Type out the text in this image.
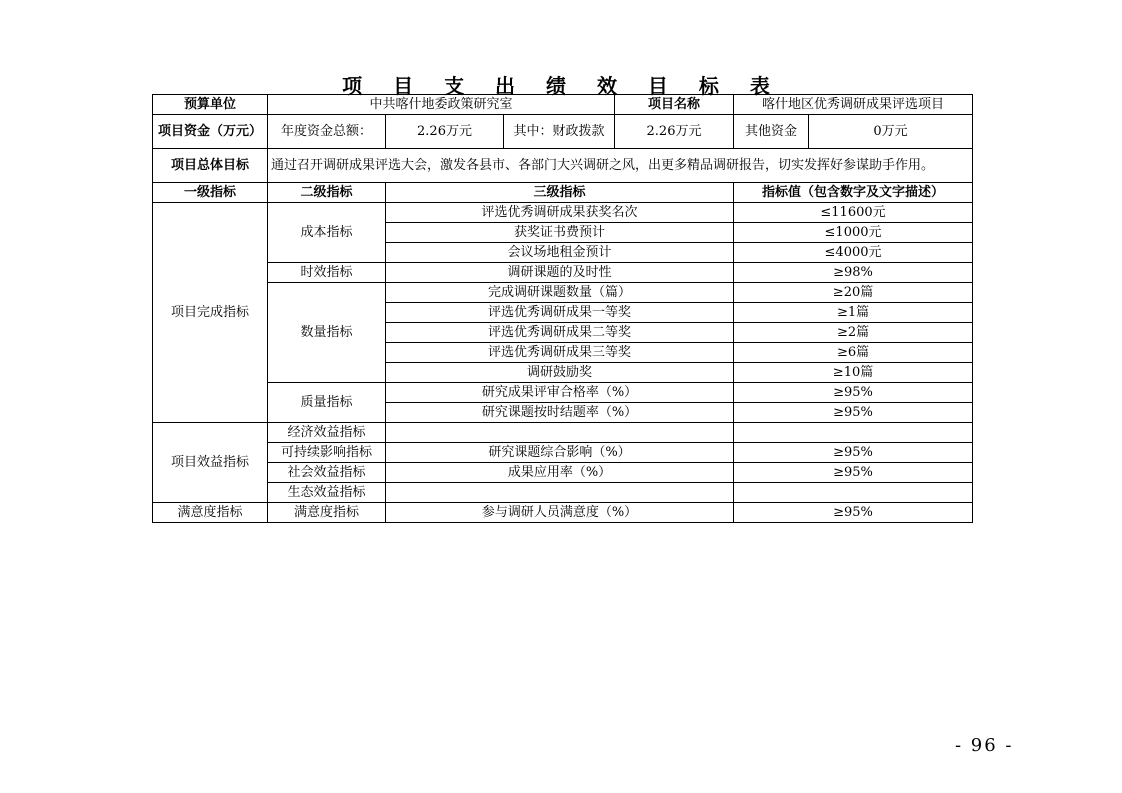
项 目 支 出 绩 效 目 标 表
预算单位	中共喀什地委政策研究室			项目名称	喀什地区优秀调研成果评选项目	
项目资金（万元）	年度资金总额：	2.26万元	其中：财政拨款	2.26万元	其他资金	0万元
项目总体目标	通过召开调研成果评选大会，激发各县市、各部门大兴调研之风，出更多精品调研报告，切实发挥好参谋助手作用。					
一级指标	二级指标	三级指标			指标值（包含数字及文字描述）	
项目完成指标	成本指标	评选优秀调研成果获奖名次			≤11600元	
		获奖证书费预计			≤1000元	
		会议场地租金预计			≤4000元	
	时效指标	调研课题的及时性			≥98%	
	数量指标	完成调研课题数量（篇）			≥20篇	
		评选优秀调研成果一等奖			≥1篇	
		评选优秀调研成果二等奖			≥2篇	
		评选优秀调研成果三等奖			≥6篇	
		调研鼓励奖			≥10篇	
	质量指标	研究成果评审合格率（%）			≥95%	
		研究课题按时结题率（%）			≥95%	
项目效益指标	经济效益指标					
	可持续影响指标	研究课题综合影响（%）			≥95%	
	社会效益指标	成果应用率（%）			≥95%	
	生态效益指标					
满意度指标	满意度指标	参与调研人员满意度（%）			≥95%	
- 96 -
